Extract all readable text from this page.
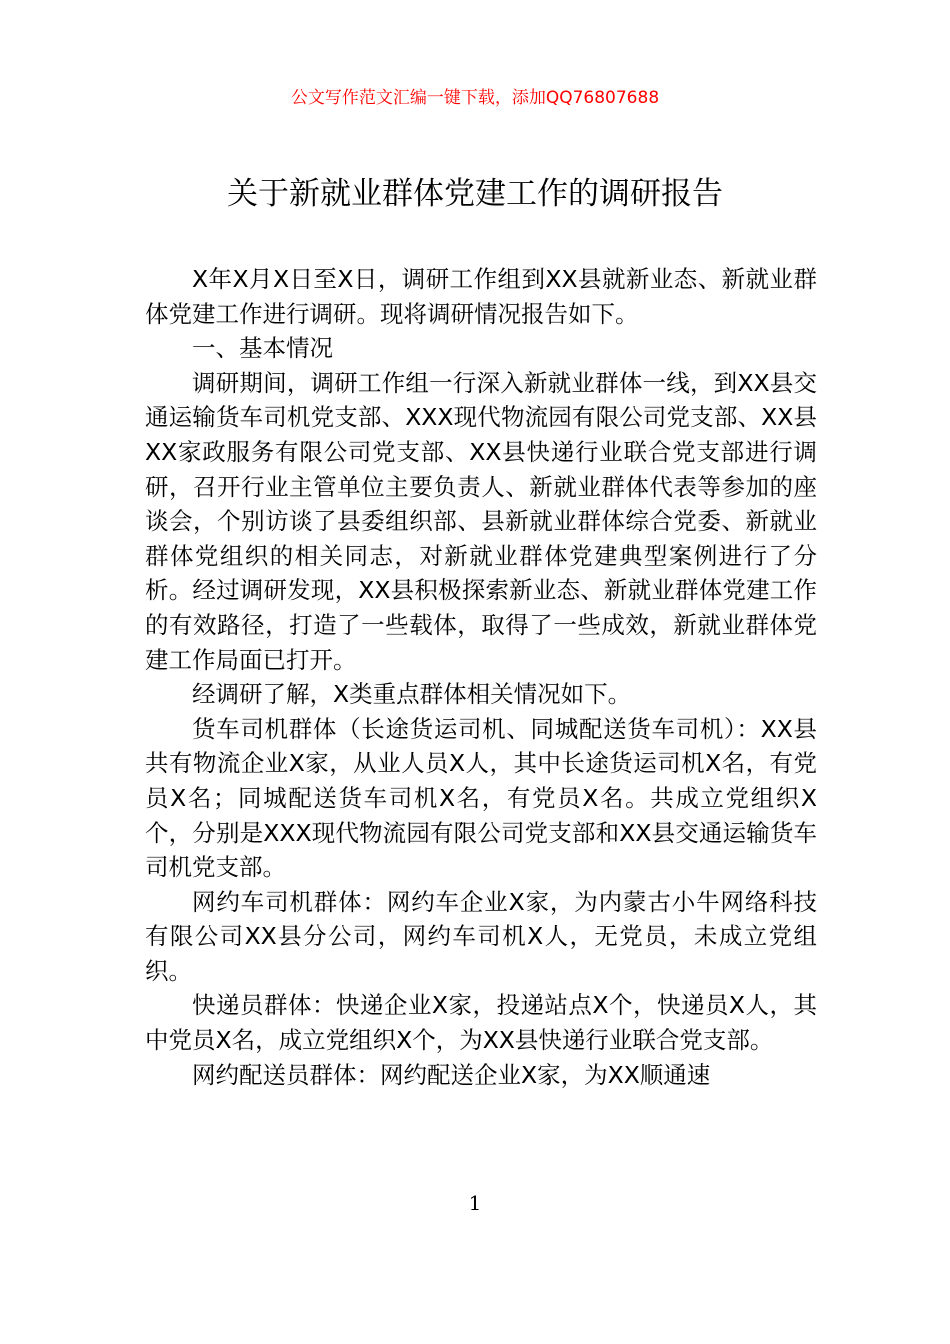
公文写作范文汇编一键下载，添加QQ76807688
关于新就业群体党建工作的调研报告

X年X月X日至X日，调研工作组到XX县就新业态、新就业群体党建工作进行调研。现将调研情况报告如下。

一、基本情况

调研期间，调研工作组一行深入新就业群体一线，到XX县交通运输货车司机党支部、XXX现代物流园有限公司党支部、XX县XX家政服务有限公司党支部、XX县快递行业联合党支部进行调研，召开行业主管单位主要负责人、新就业群体代表等参加的座谈会，个别访谈了县委组织部、县新就业群体综合党委、新就业群体党组织的相关同志，对新就业群体党建典型案例进行了分析。经过调研发现，XX县积极探索新业态、新就业群体党建工作的有效路径，打造了一些载体，取得了一些成效，新就业群体党建工作局面已打开。

经调研了解，X类重点群体相关情况如下。

货车司机群体（长途货运司机、同城配送货车司机）：XX县共有物流企业X家，从业人员X人，其中长途货运司机X名，有党员X名；同城配送货车司机X名，有党员X名。共成立党组织X个，分别是XXX现代物流园有限公司党支部和XX县交通运输货车司机党支部。

网约车司机群体：网约车企业X家，为内蒙古小牛网络科技有限公司XX县分公司，网约车司机X人，无党员，未成立党组织。

快递员群体：快递企业X家，投递站点X个，快递员X人，其中党员X名，成立党组织X个，为XX县快递行业联合党支部。

网约配送员群体：网约配送企业X家，为XX顺通速

1
